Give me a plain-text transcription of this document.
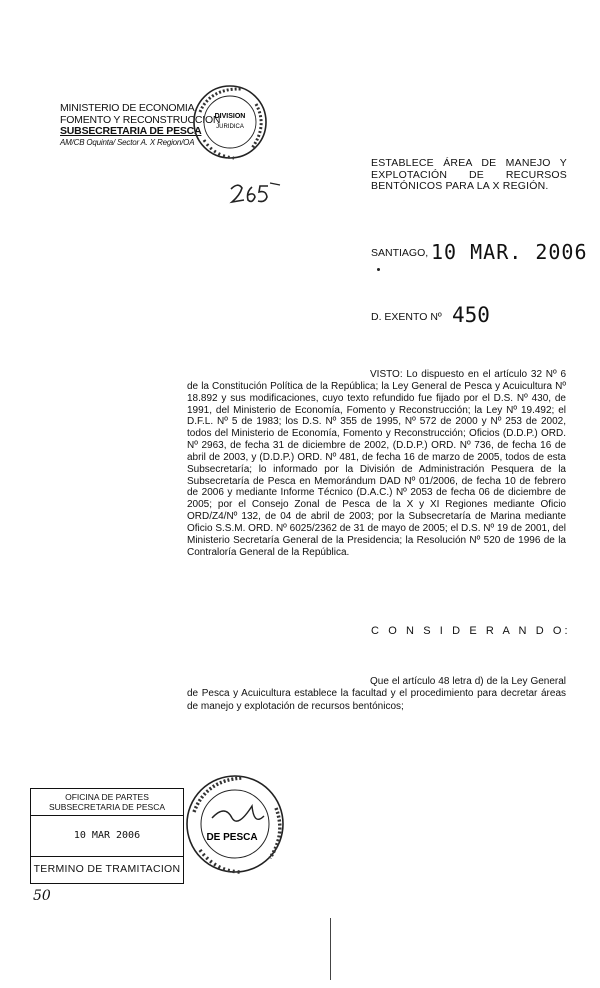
MINISTERIO DE ECONOMIA
FOMENTO Y RECONSTRUCCION
SUBSECRETARIA DE PESCA
AM/CB Oquinta/ Sector A. X Region/OA
DIVISION
JURIDICA
ESTABLECE ÁREA DE MANEJO Y
EXPLOTACIÓN DE RECURSOS
BENTÓNICOS PARA LA X REGIÓN.
SANTIAGO, 10 MAR. 2006
D. EXENTO Nº 450
VISTO: Lo dispuesto en el artículo 32 Nº 6 de la Constitución Política de la República; la Ley General de Pesca y Acuicultura Nº 18.892 y sus modificaciones, cuyo texto refundido fue fijado por el D.S. Nº 430, de 1991, del Ministerio de Economía, Fomento y Reconstrucción; la Ley Nº 19.492; el D.F.L. Nº 5 de 1983; los D.S. Nº 355 de 1995, Nº 572 de 2000 y Nº 253 de 2002, todos del Ministerio de Economía, Fomento y Reconstrucción; Oficios (D.D.P.) ORD. Nº 2963, de fecha 31 de diciembre de 2002, (D.D.P.) ORD. Nº 736, de fecha 16 de abril de 2003, y (D.D.P.) ORD. Nº 481, de fecha 16 de marzo de 2005, todos de esta Subsecretaría; lo informado por la División de Administración Pesquera de la Subsecretaría de Pesca en Memorándum DAD Nº 01/2006, de fecha 10 de febrero de 2006 y mediante Informe Técnico (D.A.C.) Nº 2053 de fecha 06 de diciembre de 2005; por el Consejo Zonal de Pesca de la X y XI Regiones mediante Oficio ORD/Z4/Nº 132, de 04 de abril de 2003; por la Subsecretaría de Marina mediante Oficio S.S.M. ORD. Nº 6025/2362 de 31 de mayo de 2005; el D.S. Nº 19 de 2001, del Ministerio Secretaría General de la Presidencia; la Resolución Nº 520 de 1996 de la Contraloría General de la República.
C O N S I D E R A N D O:
Que el artículo 48 letra d) de la Ley General de Pesca y Acuicultura establece la facultad y el procedimiento para decretar áreas de manejo y explotación de recursos bentónicos;
OFICINA DE PARTES
SUBSECRETARIA DE PESCA
10 MAR 2006
TERMINO DE TRAMITACION
DE PESCA
50
